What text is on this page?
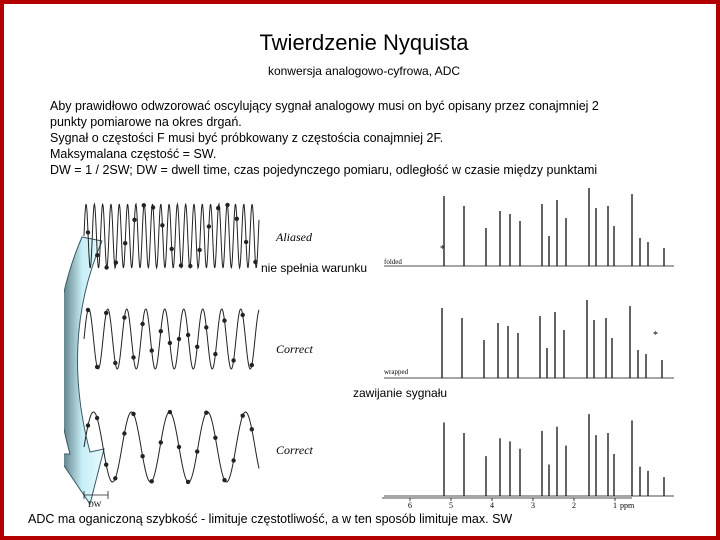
Twierdzenie Nyquista
konwersja analogowo-cyfrowa, ADC
Aby prawidłowo odwzorować oscylujący sygnał analogowy musi on być opisany przez conajmniej 2
punkty pomiarowe na okres drgań.
Sygnał o częstości F musi być próbkowany z częstościa conajmniej 2F.
Maksymalana częstość = SW.
DW = 1 / 2SW; DW = dwell time, czas pojedynczego pomiaru, odległość w czasie między punktami
Aliased
Correct
Correct
DW
folded
*
wrapped
*
6	5	4	3	2	1 ppm
nie spełnia warunku
zawijanie sygnału
ADC ma oganiczoną szybkość - limituje częstotliwość, a w ten sposób limituje max. SW
